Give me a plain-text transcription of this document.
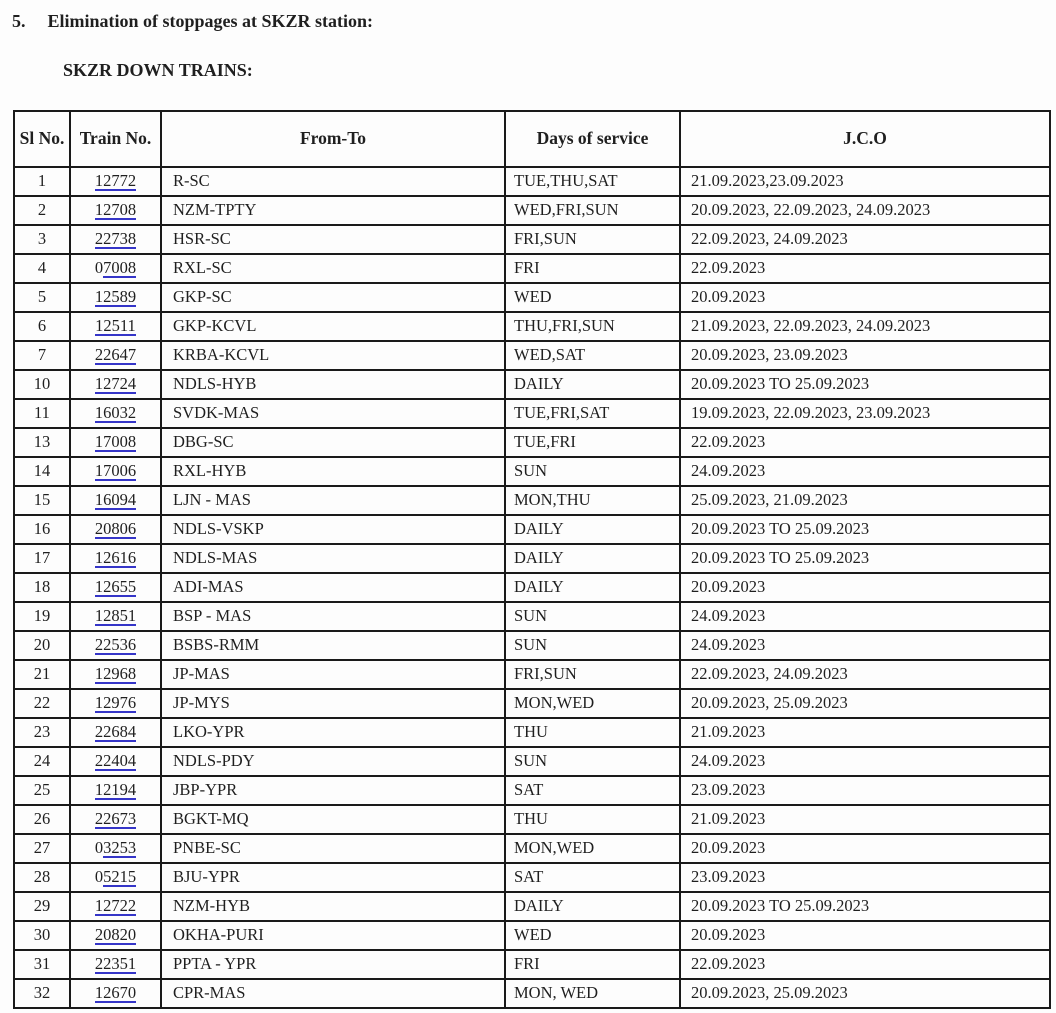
5. Elimination of stoppages at SKZR station:
SKZR DOWN TRAINS:
Sl No.	Train No.	From-To	Days of service	J.C.O
1	12772	R-SC	TUE,THU,SAT	21.09.2023,23.09.2023
2	12708	NZM-TPTY	WED,FRI,SUN	20.09.2023, 22.09.2023, 24.09.2023
3	22738	HSR-SC	FRI,SUN	22.09.2023, 24.09.2023
4	07008	RXL-SC	FRI	22.09.2023
5	12589	GKP-SC	WED	20.09.2023
6	12511	GKP-KCVL	THU,FRI,SUN	21.09.2023, 22.09.2023, 24.09.2023
7	22647	KRBA-KCVL	WED,SAT	20.09.2023, 23.09.2023
10	12724	NDLS-HYB	DAILY	20.09.2023 TO 25.09.2023
11	16032	SVDK-MAS	TUE,FRI,SAT	19.09.2023, 22.09.2023, 23.09.2023
13	17008	DBG-SC	TUE,FRI	22.09.2023
14	17006	RXL-HYB	SUN	24.09.2023
15	16094	LJN - MAS	MON,THU	25.09.2023, 21.09.2023
16	20806	NDLS-VSKP	DAILY	20.09.2023 TO 25.09.2023
17	12616	NDLS-MAS	DAILY	20.09.2023 TO 25.09.2023
18	12655	ADI-MAS	DAILY	20.09.2023
19	12851	BSP - MAS	SUN	24.09.2023
20	22536	BSBS-RMM	SUN	24.09.2023
21	12968	JP-MAS	FRI,SUN	22.09.2023, 24.09.2023
22	12976	JP-MYS	MON,WED	20.09.2023, 25.09.2023
23	22684	LKO-YPR	THU	21.09.2023
24	22404	NDLS-PDY	SUN	24.09.2023
25	12194	JBP-YPR	SAT	23.09.2023
26	22673	BGKT-MQ	THU	21.09.2023
27	03253	PNBE-SC	MON,WED	20.09.2023
28	05215	BJU-YPR	SAT	23.09.2023
29	12722	NZM-HYB	DAILY	20.09.2023 TO 25.09.2023
30	20820	OKHA-PURI	WED	20.09.2023
31	22351	PPTA - YPR	FRI	22.09.2023
32	12670	CPR-MAS	MON, WED	20.09.2023, 25.09.2023
